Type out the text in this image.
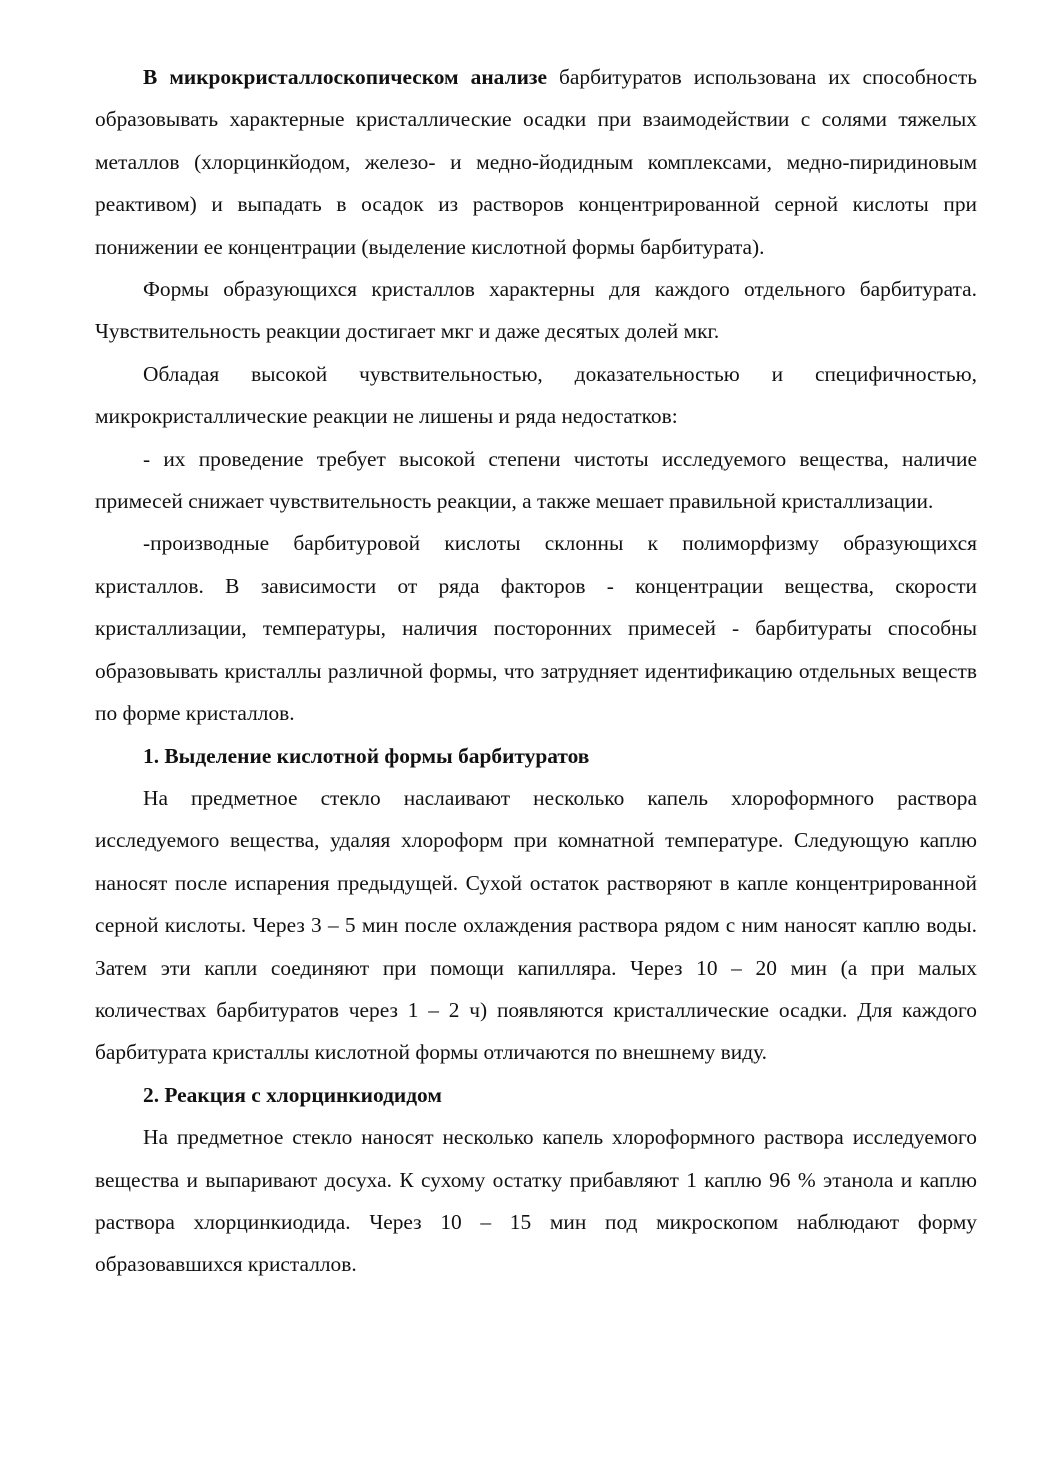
В микрокристаллоскопическом анализе барбитуратов использована их способность образовывать характерные кристаллические осадки при взаимодействии с солями тяжелых металлов (хлорцинкйодом, железо- и медно-йодидным комплексами, медно-пиридиновым реактивом) и выпадать в осадок из растворов концентрированной серной кислоты при понижении ее концентрации (выделение кислотной формы барбитурата).

Формы образующихся кристаллов характерны для каждого отдельного барбитурата. Чувствительность реакции достигает мкг и даже десятых долей мкг.

Обладая высокой чувствительностью, доказательностью и специфичностью, микрокристаллические реакции не лишены и ряда недостатков:

- их проведение требует высокой степени чистоты исследуемого вещества, наличие примесей снижает чувствительность реакции, а также мешает правильной кристаллизации.

-производные барбитуровой кислоты склонны к полиморфизму образующихся кристаллов. В зависимости от ряда факторов - концентрации вещества, скорости кристаллизации, температуры, наличия посторонних примесей - барбитураты способны образовывать кристаллы различной формы, что затрудняет идентификацию отдельных веществ по форме кристаллов.

1. Выделение кислотной формы барбитуратов

На предметное стекло наслаивают несколько капель хлороформного раствора исследуемого вещества, удаляя хлороформ при комнатной температуре. Следующую каплю наносят после испарения предыдущей. Сухой остаток растворяют в капле концентрированной серной кислоты. Через 3 – 5 мин после охлаждения раствора рядом с ним наносят каплю воды. Затем эти капли соединяют при помощи капилляра. Через 10 – 20 мин (а при малых количествах барбитуратов через 1 – 2 ч) появляются кристаллические осадки. Для каждого барбитурата кристаллы кислотной формы отличаются по внешнему виду.

2. Реакция с хлорцинкиодидом

На предметное стекло наносят несколько капель хлороформного раствора исследуемого вещества и выпаривают досуха. К сухому остатку прибавляют 1 каплю 96 % этанола и каплю раствора хлорцинкиодида. Через 10 – 15 мин под микроскопом наблюдают форму образовавшихся кристаллов.
